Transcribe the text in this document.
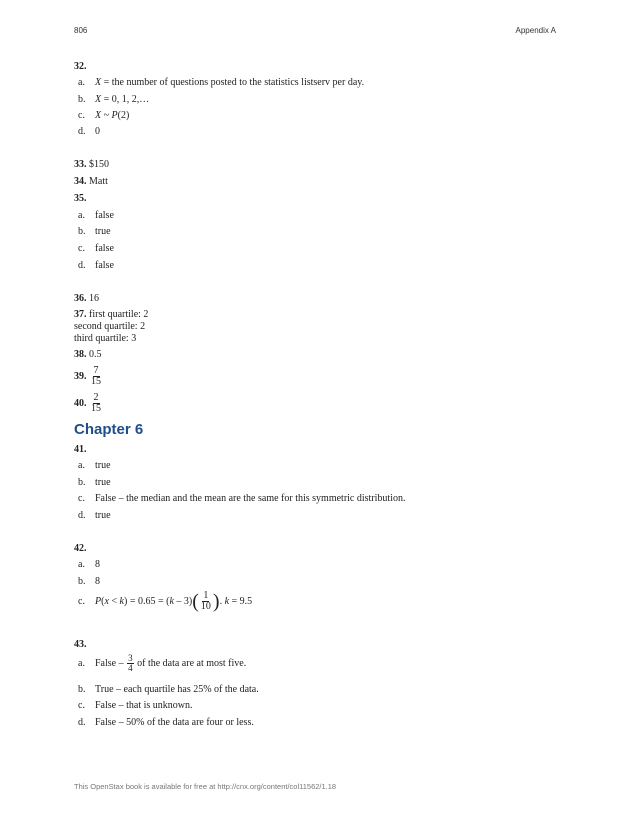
806	Appendix A
32.
a. X = the number of questions posted to the statistics listserv per day.
b. X = 0, 1, 2,…
c. X ~ P(2)
d. 0
33. $150
34. Matt
35.
a. false
b. true
c. false
d. false
36. 16
37. first quartile: 2
second quartile: 2
third quartile: 3
38. 0.5
39. $\frac{7}{15}$
40. $\frac{2}{15}$
Chapter 6
41.
a. true
b. true
c. False – the median and the mean are the same for this symmetric distribution.
d. true
42.
a. 8
b. 8
c. $P(x < k) = 0.65 = (k - 3)( \frac{1}{10}$ ). k = 9.5
43.
a. False – $\frac{3}{4}$ of the data are at most five.
b. True – each quartile has 25% of the data.
c. False – that is unknown.
d. False – 50% of the data are four or less.
This OpenStax book is available for free at http://cnx.org/content/col11562/1.18
